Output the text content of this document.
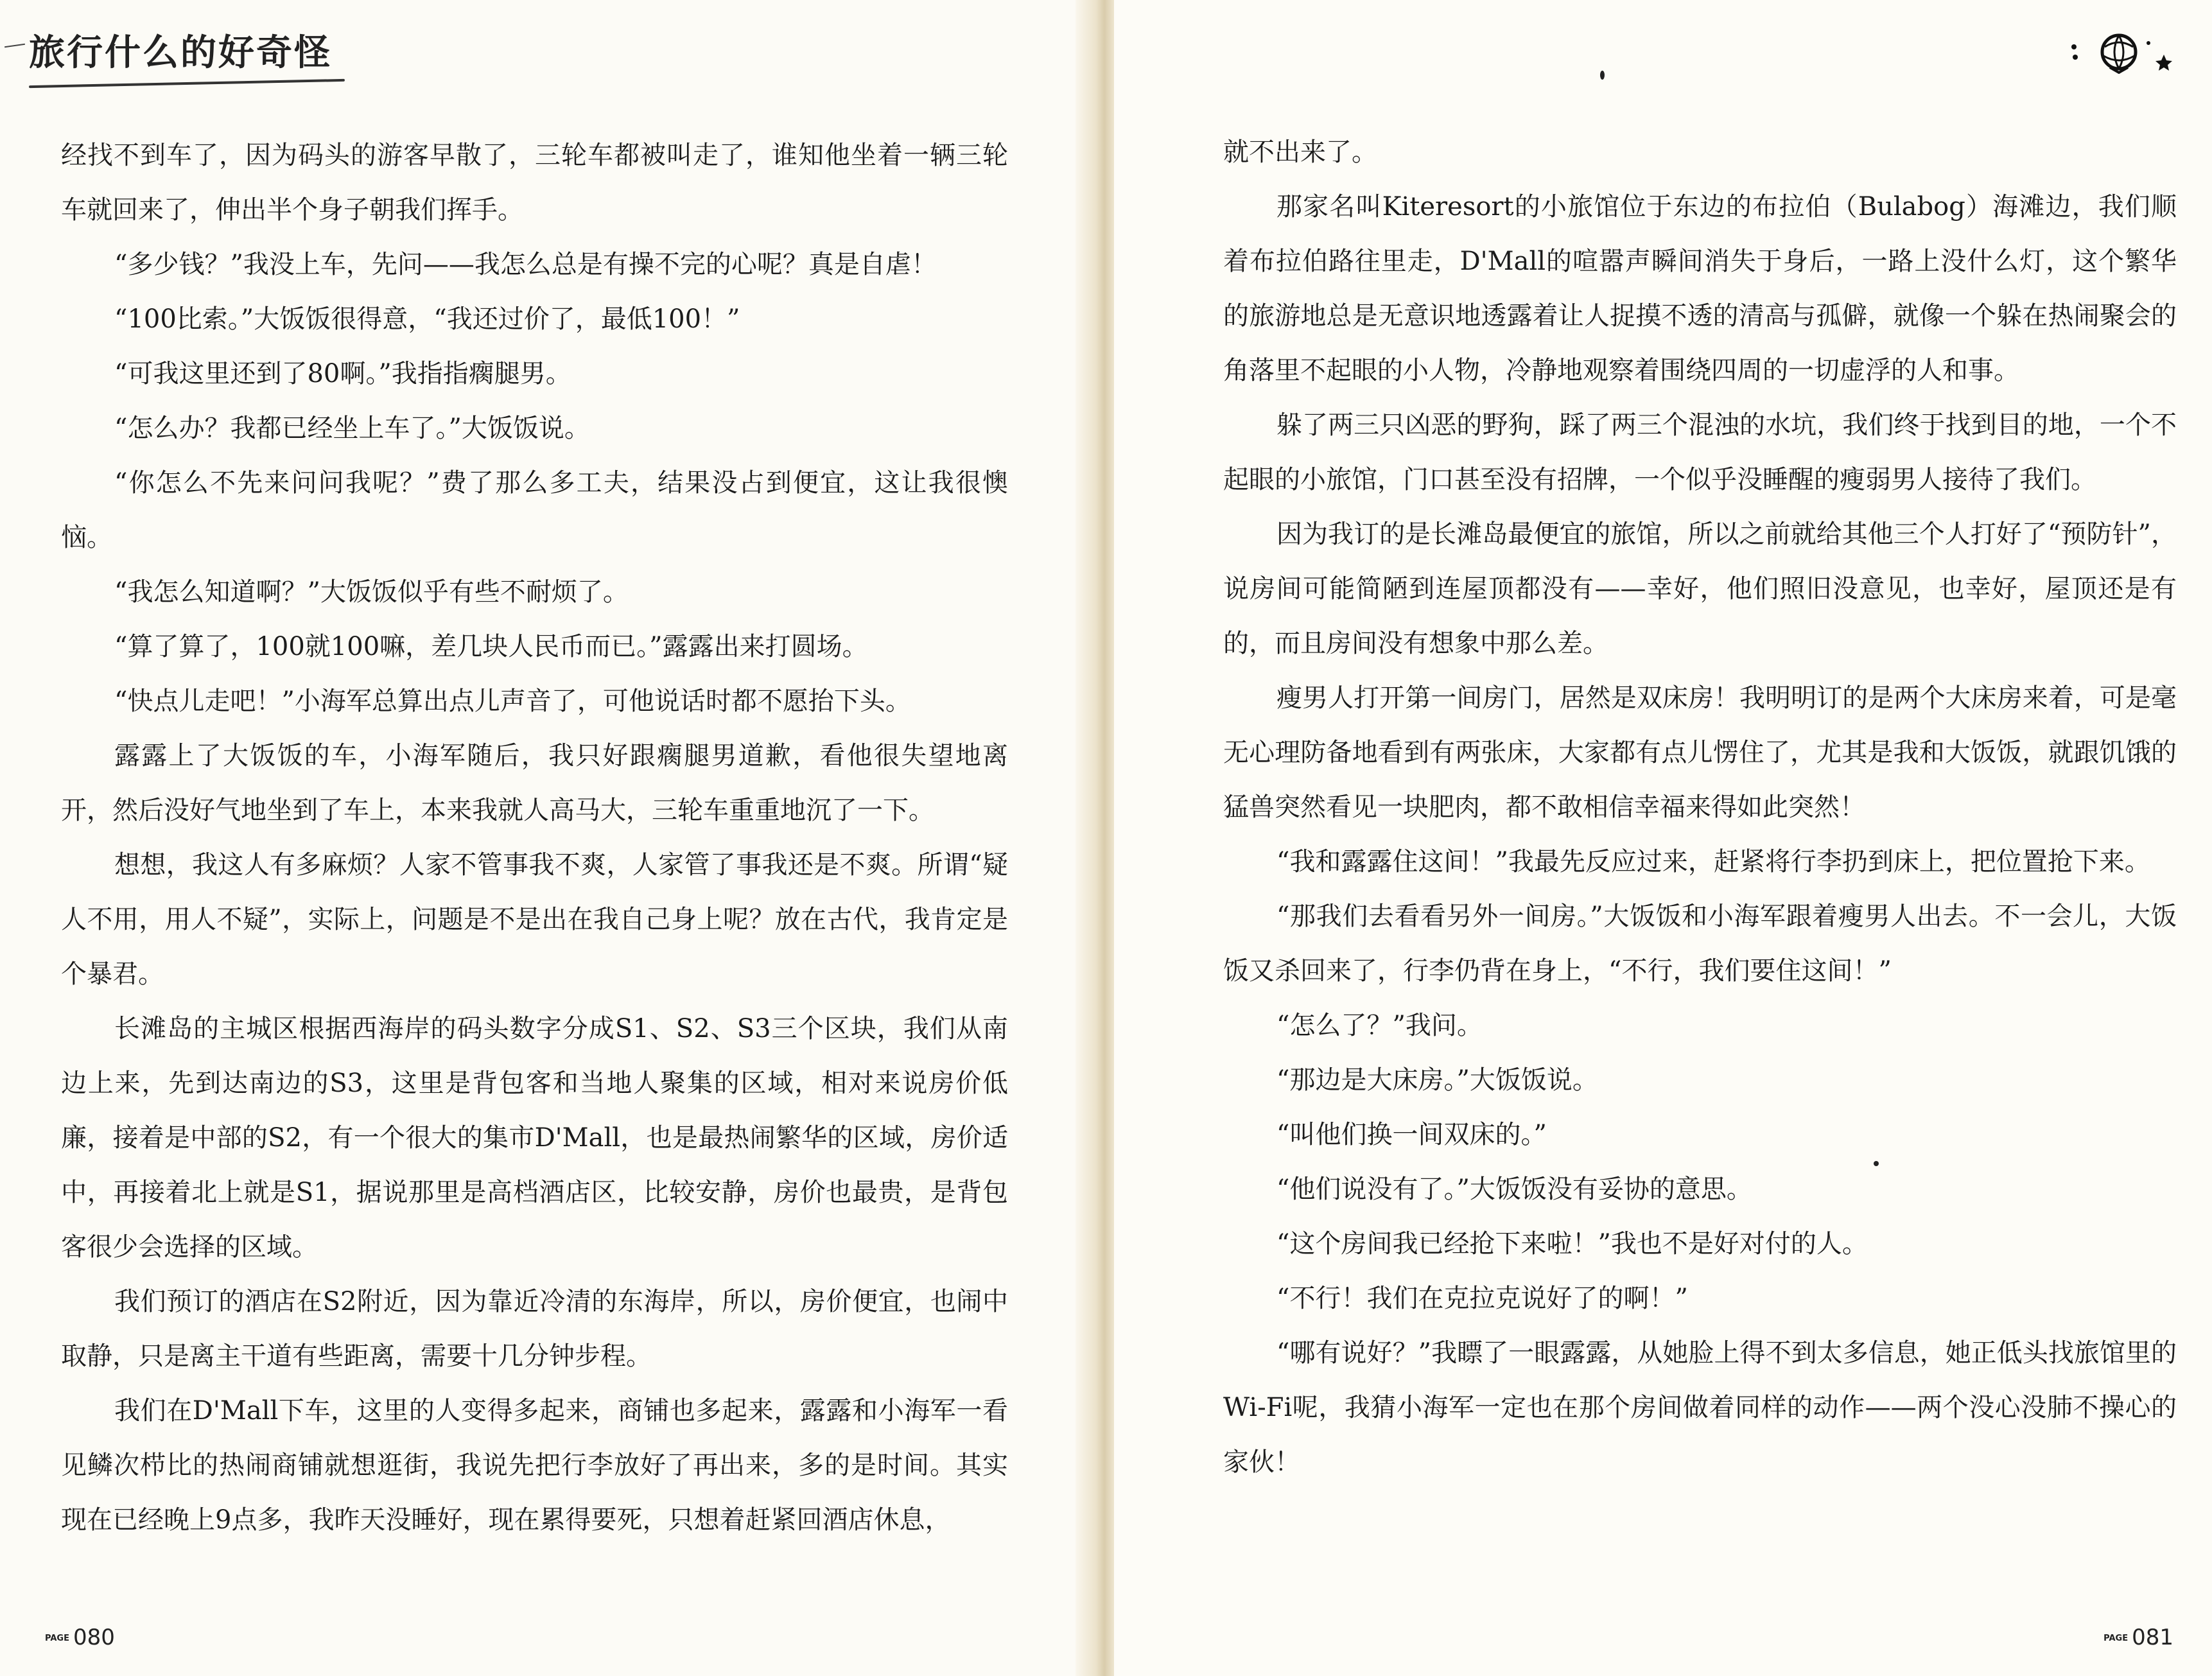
旅行什么的好奇怪

经找不到车了，因为码头的游客早散了，三轮车都被叫走了，谁知他坐着一辆三轮车就回来了，伸出半个身子朝我们挥手。

“多少钱？”我没上车，先问——我怎么总是有操不完的心呢？真是自虐！

“100比索。”大饭饭很得意，“我还过价了，最低100！”

“可我这里还到了80啊。”我指指瘸腿男。

“怎么办？我都已经坐上车了。”大饭饭说。

“你怎么不先来问问我呢？”费了那么多工夫，结果没占到便宜，这让我很懊恼。

“我怎么知道啊？”大饭饭似乎有些不耐烦了。

“算了算了，100就100嘛，差几块人民币而已。”露露出来打圆场。

“快点儿走吧！”小海军总算出点儿声音了，可他说话时都不愿抬下头。

露露上了大饭饭的车，小海军随后，我只好跟瘸腿男道歉，看他很失望地离开，然后没好气地坐到了车上，本来我就人高马大，三轮车重重地沉了一下。

想想，我这人有多麻烦？人家不管事我不爽，人家管了事我还是不爽。所谓“疑人不用，用人不疑”，实际上，问题是不是出在我自己身上呢？放在古代，我肯定是个暴君。

长滩岛的主城区根据西海岸的码头数字分成S1、S2、S3三个区块，我们从南边上来，先到达南边的S3，这里是背包客和当地人聚集的区域，相对来说房价低廉，接着是中部的S2，有一个很大的集市D'Mall，也是最热闹繁华的区域，房价适中，再接着北上就是S1，据说那里是高档酒店区，比较安静，房价也最贵，是背包客很少会选择的区域。

我们预订的酒店在S2附近，因为靠近冷清的东海岸，所以，房价便宜，也闹中取静，只是离主干道有些距离，需要十几分钟步程。

我们在D'Mall下车，这里的人变得多起来，商铺也多起来，露露和小海军一看见鳞次栉比的热闹商铺就想逛街，我说先把行李放好了再出来，多的是时间。其实现在已经晚上9点多，我昨天没睡好，现在累得要死，只想着赶紧回酒店休息，

PAGE 080

就不出来了。

那家名叫Kiteresort的小旅馆位于东边的布拉伯（Bulabog）海滩边，我们顺着布拉伯路往里走，D'Mall的喧嚣声瞬间消失于身后，一路上没什么灯，这个繁华的旅游地总是无意识地透露着让人捉摸不透的清高与孤僻，就像一个躲在热闹聚会的角落里不起眼的小人物，冷静地观察着围绕四周的一切虚浮的人和事。

躲了两三只凶恶的野狗，踩了两三个混浊的水坑，我们终于找到目的地，一个不起眼的小旅馆，门口甚至没有招牌，一个似乎没睡醒的瘦弱男人接待了我们。

因为我订的是长滩岛最便宜的旅馆，所以之前就给其他三个人打好了“预防针”，说房间可能简陋到连屋顶都没有——幸好，他们照旧没意见，也幸好，屋顶还是有的，而且房间没有想象中那么差。

瘦男人打开第一间房门，居然是双床房！我明明订的是两个大床房来着，可是毫无心理防备地看到有两张床，大家都有点儿愣住了，尤其是我和大饭饭，就跟饥饿的猛兽突然看见一块肥肉，都不敢相信幸福来得如此突然！

“我和露露住这间！”我最先反应过来，赶紧将行李扔到床上，把位置抢下来。

“那我们去看看另外一间房。”大饭饭和小海军跟着瘦男人出去。不一会儿，大饭饭又杀回来了，行李仍背在身上，“不行，我们要住这间！”

“怎么了？”我问。

“那边是大床房。”大饭饭说。

“叫他们换一间双床的。”

“他们说没有了。”大饭饭没有妥协的意思。

“这个房间我已经抢下来啦！”我也不是好对付的人。

“不行！我们在克拉克说好了的啊！”

“哪有说好？”我瞟了一眼露露，从她脸上得不到太多信息，她正低头找旅馆里的Wi-Fi呢，我猜小海军一定也在那个房间做着同样的动作——两个没心没肺不操心的家伙！

PAGE 081
